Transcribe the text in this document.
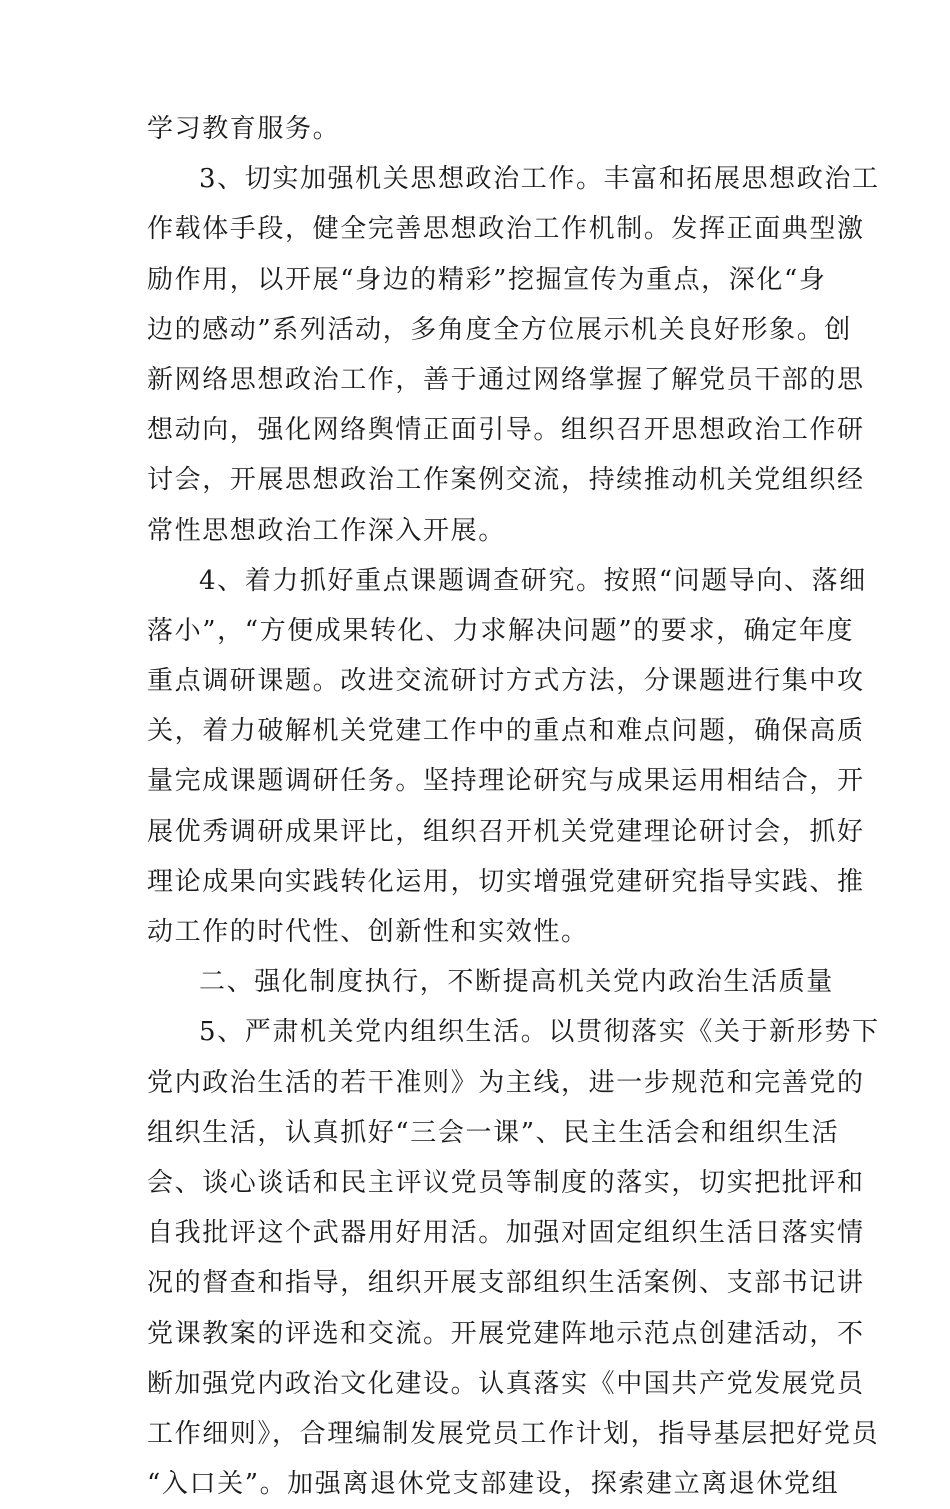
学习教育服务。
3、切实加强机关思想政治工作。丰富和拓展思想政治工
作载体手段，健全完善思想政治工作机制。发挥正面典型激
励作用，以开展“身边的精彩”挖掘宣传为重点，深化“身
边的感动”系列活动，多角度全方位展示机关良好形象。创
新网络思想政治工作，善于通过网络掌握了解党员干部的思
想动向，强化网络舆情正面引导。组织召开思想政治工作研
讨会，开展思想政治工作案例交流，持续推动机关党组织经
常性思想政治工作深入开展。
4、着力抓好重点课题调查研究。按照“问题导向、落细
落小”，“方便成果转化、力求解决问题”的要求，确定年度
重点调研课题。改进交流研讨方式方法，分课题进行集中攻
关，着力破解机关党建工作中的重点和难点问题，确保高质
量完成课题调研任务。坚持理论研究与成果运用相结合，开
展优秀调研成果评比，组织召开机关党建理论研讨会，抓好
理论成果向实践转化运用，切实增强党建研究指导实践、推
动工作的时代性、创新性和实效性。
二、强化制度执行，不断提高机关党内政治生活质量
5、严肃机关党内组织生活。以贯彻落实《关于新形势下
党内政治生活的若干准则》为主线，进一步规范和完善党的
组织生活，认真抓好“三会一课”、民主生活会和组织生活
会、谈心谈话和民主评议党员等制度的落实，切实把批评和
自我批评这个武器用好用活。加强对固定组织生活日落实情
况的督查和指导，组织开展支部组织生活案例、支部书记讲
党课教案的评选和交流。开展党建阵地示范点创建活动，不
断加强党内政治文化建设。认真落实《中国共产党发展党员
工作细则》，合理编制发展党员工作计划，指导基层把好党员
“入口关”。加强离退休党支部建设，探索建立离退休党组
